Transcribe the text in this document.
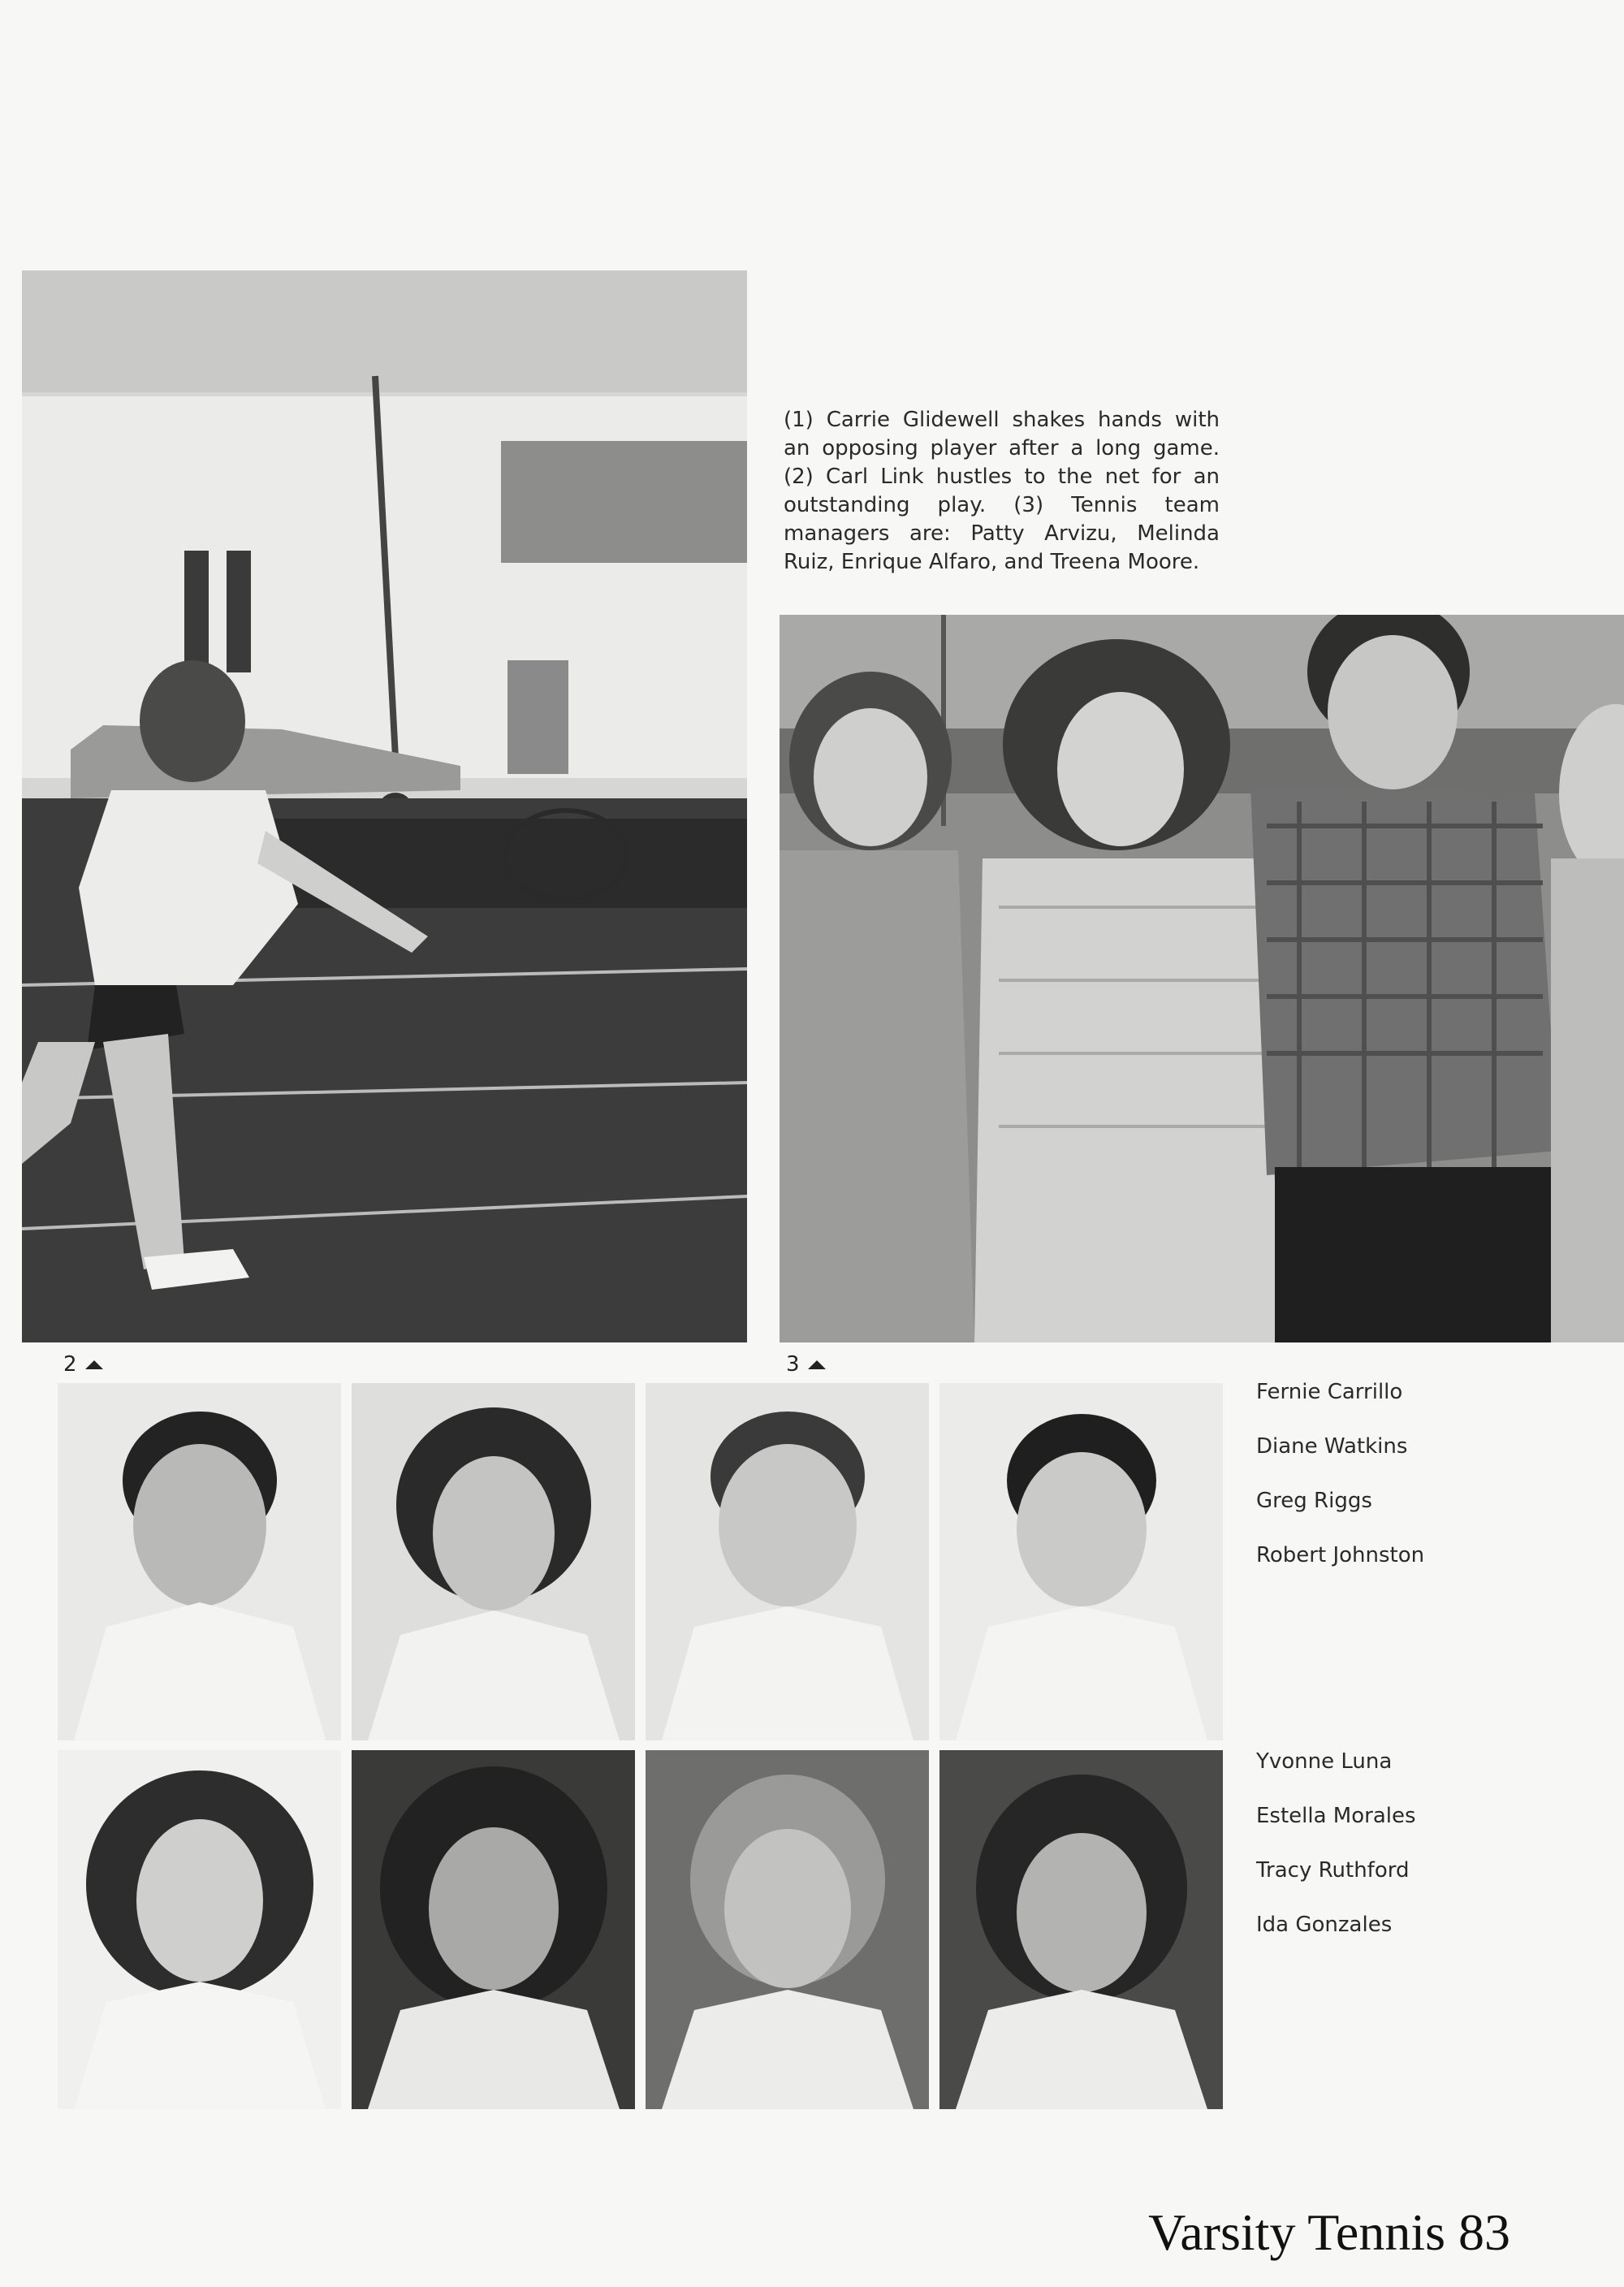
(1) Carrie Glidewell shakes hands with an opposing player after a long game. (2) Carl Link hustles to the net for an outstanding play. (3) Tennis team managers are: Patty Arvizu, Melinda Ruiz, Enrique Alfaro, and Treena Moore.
2	3
Fernie Carrillo
Diane Watkins
Greg Riggs
Robert Johnston
Yvonne Luna
Estella Morales
Tracy Ruthford
Ida Gonzales
Varsity Tennis 83
